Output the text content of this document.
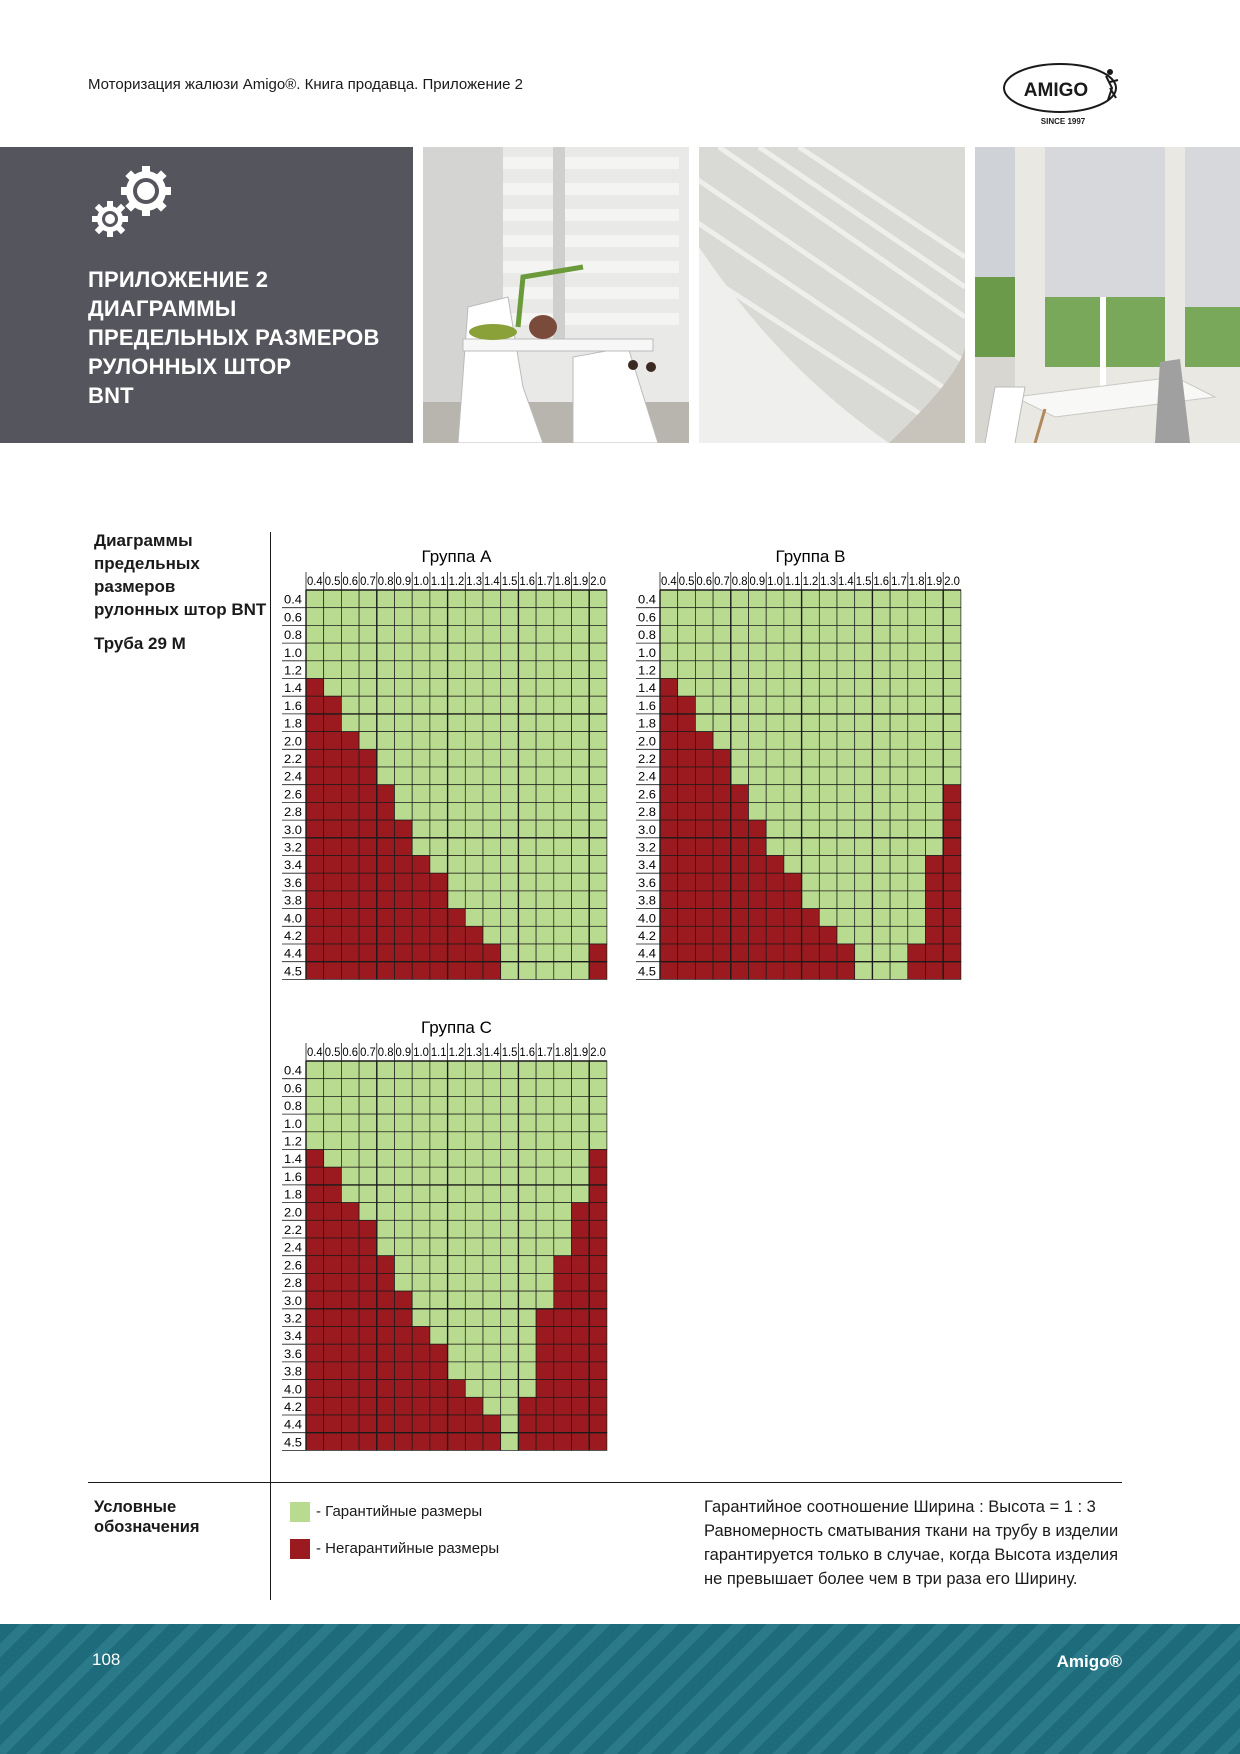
Моторизация жалюзи Amigo®. Книга продавца. Приложение 2	AMIGO
SINCE 1997
ПРИЛОЖЕНИЕ 2
ДИАГРАММЫ
ПРЕДЕЛЬНЫХ РАЗМЕРОВ
РУЛОННЫХ ШТОР
BNT
Диаграммы
предельных
размеров
рулонных штор BNT
Труба 29 M
Группа А
0.4 0.5 0.6 0.7 0.8 0.9 1.0 1.1 1.2 1.3 1.4 1.5 1.6 1.7 1.8 1.9 2.0
0.4
0.6
0.8
1.0
1.2
1.4
1.6
1.8
2.0
2.2
2.4
2.6
2.8
3.0
3.2
3.4
3.6
3.8
4.0
4.2
4.4
4.5
Группа В
0.4 0.5 0.6 0.7 0.8 0.9 1.0 1.1 1.2 1.3 1.4 1.5 1.6 1.7 1.8 1.9 2.0
0.4
0.6
0.8
1.0
1.2
1.4
1.6
1.8
2.0
2.2
2.4
2.6
2.8
3.0
3.2
3.4
3.6
3.8
4.0
4.2
4.4
4.5
Группа С
0.4 0.5 0.6 0.7 0.8 0.9 1.0 1.1 1.2 1.3 1.4 1.5 1.6 1.7 1.8 1.9 2.0
0.4
0.6
0.8
1.0
1.2
1.4
1.6
1.8
2.0
2.2
2.4
2.6
2.8
3.0
3.2
3.4
3.6
3.8
4.0
4.2
4.4
4.5
Условные
обозначения
- Гарантийные размеры
- Негарантийные размеры
Гарантийное соотношение Ширина : Высота = 1 : 3
Равномерность сматывания ткани на трубу в изделии
гарантируется только в случае, когда Высота изделия
не превышает более чем в три раза его Ширину.
108	Amigo®
